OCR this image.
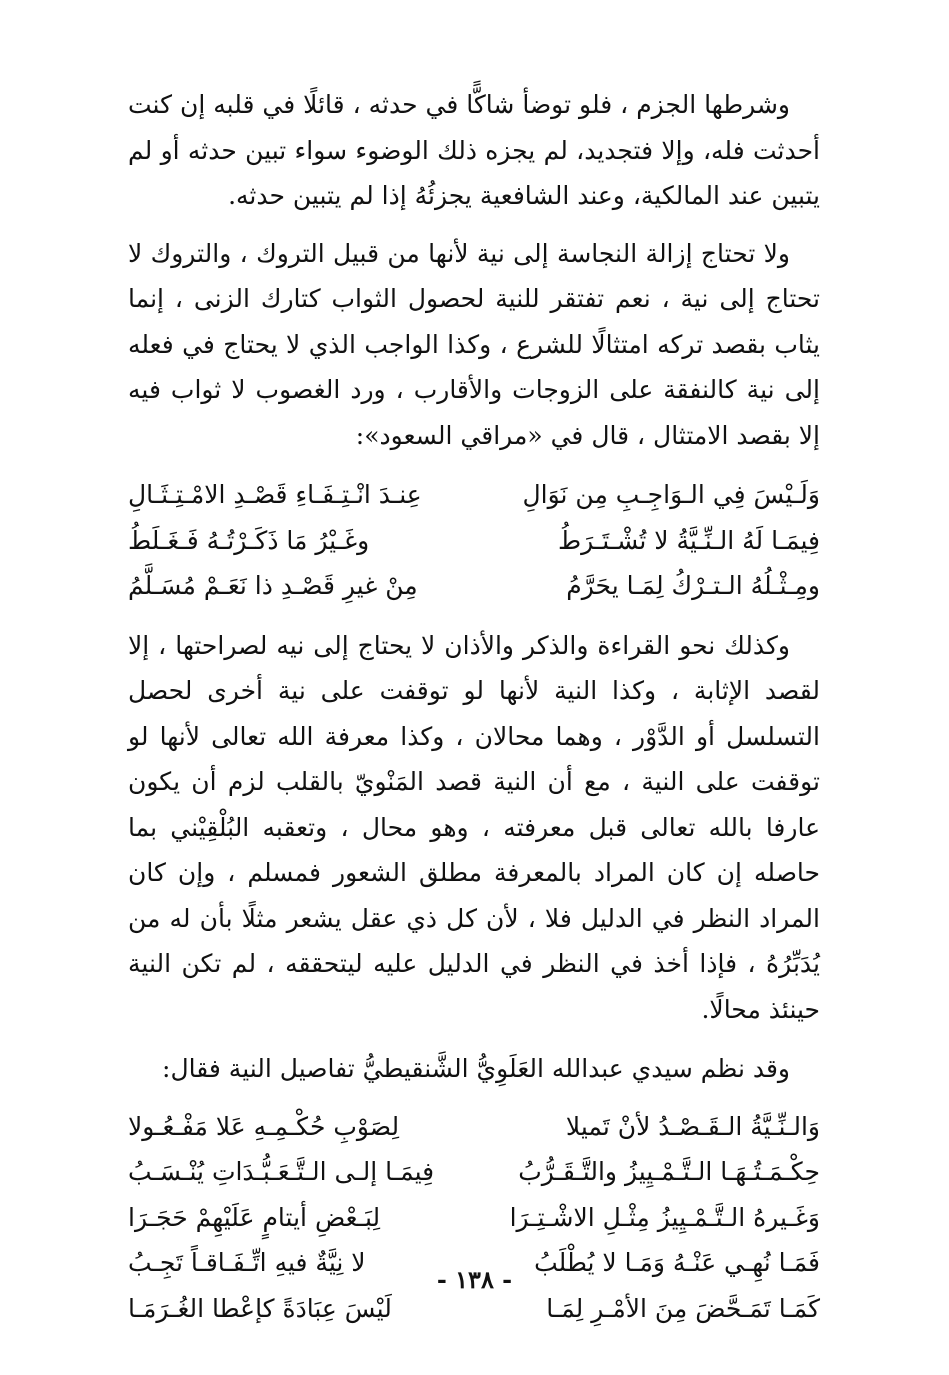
وشرطها الجزم ، فلو توضأ شاكًّا في حدثه ، قائلًا في قلبه إن كنت أحدثت فله، وإلا فتجديد، لم يجزه ذلك الوضوء سواء تبين حدثه أو لم يتبين عند المالكية، وعند الشافعية يجزئُهُ إذا لم يتبين حدثه.

ولا تحتاج إزالة النجاسة إلى نية لأنها من قبيل التروك ، والتروك لا تحتاج إلى نية ، نعم تفتقر للنية لحصول الثواب كتارك الزنى ، إنما يثاب بقصد تركه امتثالًا للشرع ، وكذا الواجب الذي لا يحتاج في فعله إلى نية كالنفقة على الزوجات والأقارب ، ورد الغصوب لا ثواب فيه إلا بقصد الامتثال ، قال في «مراقي السعود»:

وَلَـيْسَ فِي الـوَاجِـبِ مِن نَوَالِ
عِنـدَ انْـتِـفَـاءِ قَصْـدِ الامْـتِـثَـالِ
فِيمَـا لَهُ الـنِّـيَّةُ لا تُشْـتَـرَطُ
وغَـيْرُ مَا ذَكَـرْتُـهُ فَـغَـلَطُ
ومِـثْـلُهُ الـتـرْكُ لِمَـا يحَرَّمُ
مِنْ غيرِ قَصْـدِ ذا نَعَـمْ مُسَـلَّمُ

وكذلك نحو القراءة والذكر والأذان لا يحتاج إلى نيه لصراحتها ، إلا لقصد الإثابة ، وكذا النية لأنها لو توقفت على نية أخرى لحصل التسلسل أو الدَّوْر ، وهما محالان ، وكذا معرفة الله تعالى لأنها لو توقفت على النية ، مع أن النية قصد المَنْويّ بالقلب لزم أن يكون عارفا بالله تعالى قبل معرفته ، وهو محال ، وتعقبه البُلْقِيْني بما حاصله إن كان المراد بالمعرفة مطلق الشعور فمسلم ، وإن كان المراد النظر في الدليل فلا ، لأن كل ذي عقل يشعر مثلًا بأن له من يُدَبِّرُهُ ، فإذا أخذ في النظر في الدليل عليه ليتحققه ، لم تكن النية حينئذ محالًا.

وقد نظم سيدي عبدالله العَلَوِيُّ الشَّنقيطيُّ تفاصيل النية فقال:

وَالـنِّـيَّةُ الـقَـصْـدُ لأنْ تَميلا
لِصَوْبِ حُكْـمِـهِ عَلا مَفْـعُـولا
حِكْـمَـتُـهَـا الـتَّـمْـيِيزُ والتَّـقَـرُّبُ
فِيمَـا إلـى الـتَّـعَـبُّـدَاتِ يُنْـسَـبُ
وَغَـيرهُ الـتَّـمْـيِيزُ مِثْـلِ الاشْـتِـرَا
لِبَـعْضِ أيتامٍ عَلَيْهِمْ حَجَـرَا
فَمَـا نُهِـي عَنْـهُ وَمَـا لا يُطْلَبُ
لا نِيَّةٌ فيهِ اتِّـفَـاقـاً تَجِـبُ
كَمَـا تَمَـحَّضَ مِنَ الأمْـرِ لِمَـا
لَيْسَ عِبَادَةً كإعْطا الغُـرَمَـا
- ١٣٨ -
